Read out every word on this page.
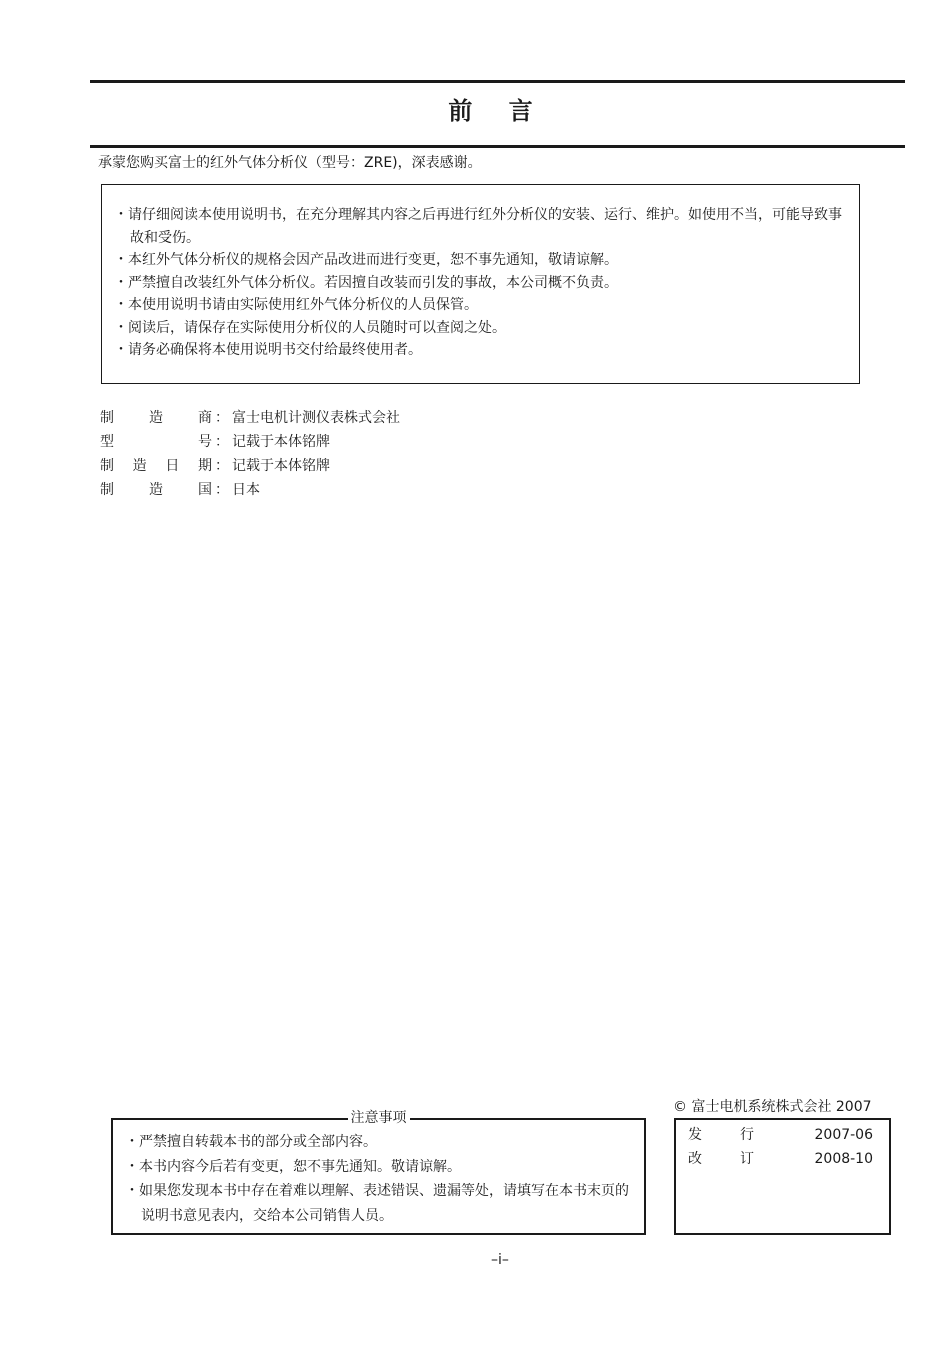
前 言
承蒙您购买富士的红外气体分析仪（型号：ZRE)，深表感谢。
・请仔细阅读本使用说明书，在充分理解其内容之后再进行红外分析仪的安装、运行、维护。如使用不当，可能导致事故和受伤。
・本红外气体分析仪的规格会因产品改进而进行变更，恕不事先通知，敬请谅解。
・严禁擅自改装红外气体分析仪。若因擅自改装而引发的事故，本公司概不负责。
・本使用说明书请由实际使用红外气体分析仪的人员保管。
・阅读后，请保存在实际使用分析仪的人员随时可以查阅之处。
・请务必确保将本使用说明书交付给最终使用者。
制	造	商 ： 富士电机计测仪表株式会社
型	号 ： 记载于本体铭牌
制 造 日 期 ： 记载于本体铭牌
制	造	国 ： 日本
注意事项
・严禁擅自转载本书的部分或全部内容。
・本书内容今后若有变更，恕不事先通知。敬请谅解。
・如果您发现本书中存在着难以理解、表述错误、遗漏等处，请填写在本书末页的说明书意见表内，交给本公司销售人员。
© 富士电机系统株式会社 2007
发	行	2007-06
改	订	2008-10
–i–
